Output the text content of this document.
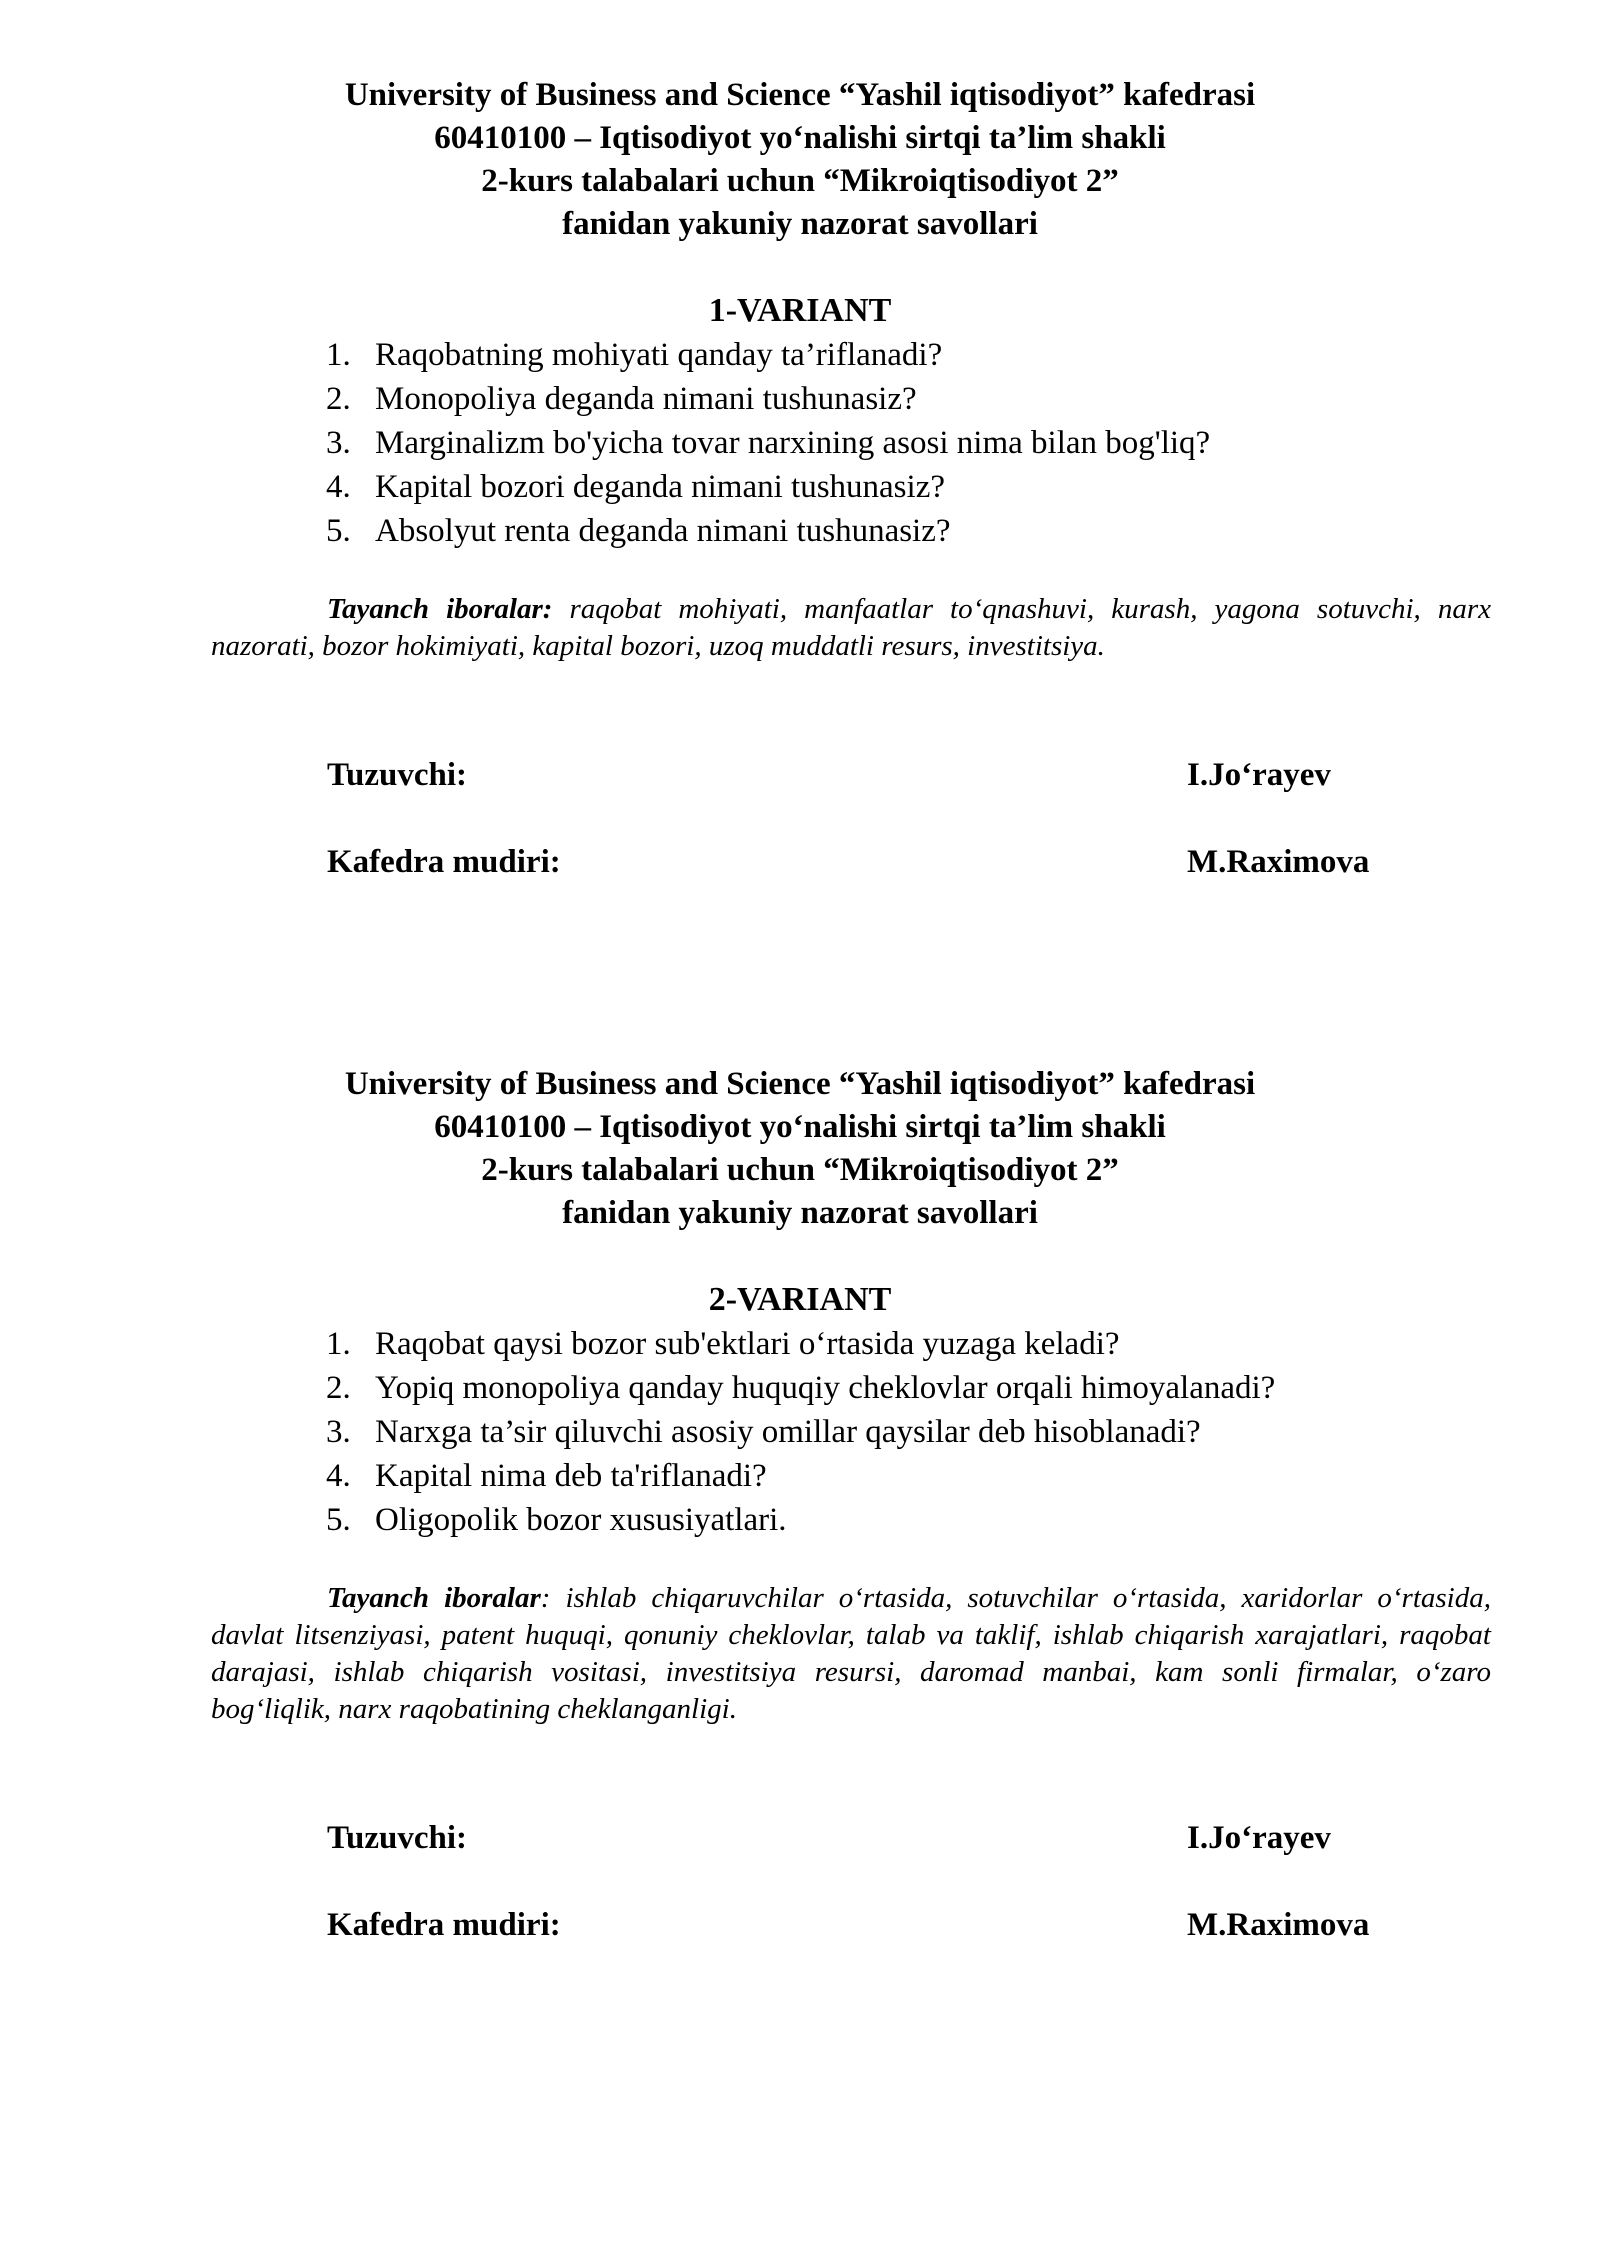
University of Business and Science “Yashil iqtisodiyot” kafedrasi
60410100 – Iqtisodiyot yo‘nalishi sirtqi ta’lim shakli
2-kurs talabalari uchun “Mikroiqtisodiyot 2”
fanidan yakuniy nazorat savollari
1-VARIANT
1. Raqobatning mohiyati qanday ta’riflanadi?
2. Monopoliya deganda nimani tushunasiz?
3. Marginalizm bo'yicha tovar narxining asosi nima bilan bog'liq?
4. Kapital bozori deganda nimani tushunasiz?
5. Absolyut renta deganda nimani tushunasiz?

Tayanch iboralar: raqobat mohiyati, manfaatlar to‘qnashuvi, kurash, yagona sotuvchi, narx nazorati, bozor hokimiyati, kapital bozori, uzoq muddatli resurs, investitsiya.

Tuzuvchi:	I.Jo‘rayev
Kafedra mudiri:	M.Raximova
University of Business and Science “Yashil iqtisodiyot” kafedrasi
60410100 – Iqtisodiyot yo‘nalishi sirtqi ta’lim shakli
2-kurs talabalari uchun “Mikroiqtisodiyot 2”
fanidan yakuniy nazorat savollari
2-VARIANT
1. Raqobat qaysi bozor sub'ektlari o‘rtasida yuzaga keladi?
2. Yopiq monopoliya qanday huquqiy cheklovlar orqali himoyalanadi?
3. Narxga ta’sir qiluvchi asosiy omillar qaysilar deb hisoblanadi?
4. Kapital nima deb ta'riflanadi?
5. Oligopolik bozor xususiyatlari.

Tayanch iboralar: ishlab chiqaruvchilar o‘rtasida, sotuvchilar o‘rtasida, xaridorlar o‘rtasida, davlat litsenziyasi, patent huquqi, qonuniy cheklovlar, talab va taklif, ishlab chiqarish xarajatlari, raqobat darajasi, ishlab chiqarish vositasi, investitsiya resursi, daromad manbai, kam sonli firmalar, o‘zaro bog‘liqlik, narx raqobatining cheklanganligi.

Tuzuvchi:	I.Jo‘rayev
Kafedra mudiri:	M.Raximova
